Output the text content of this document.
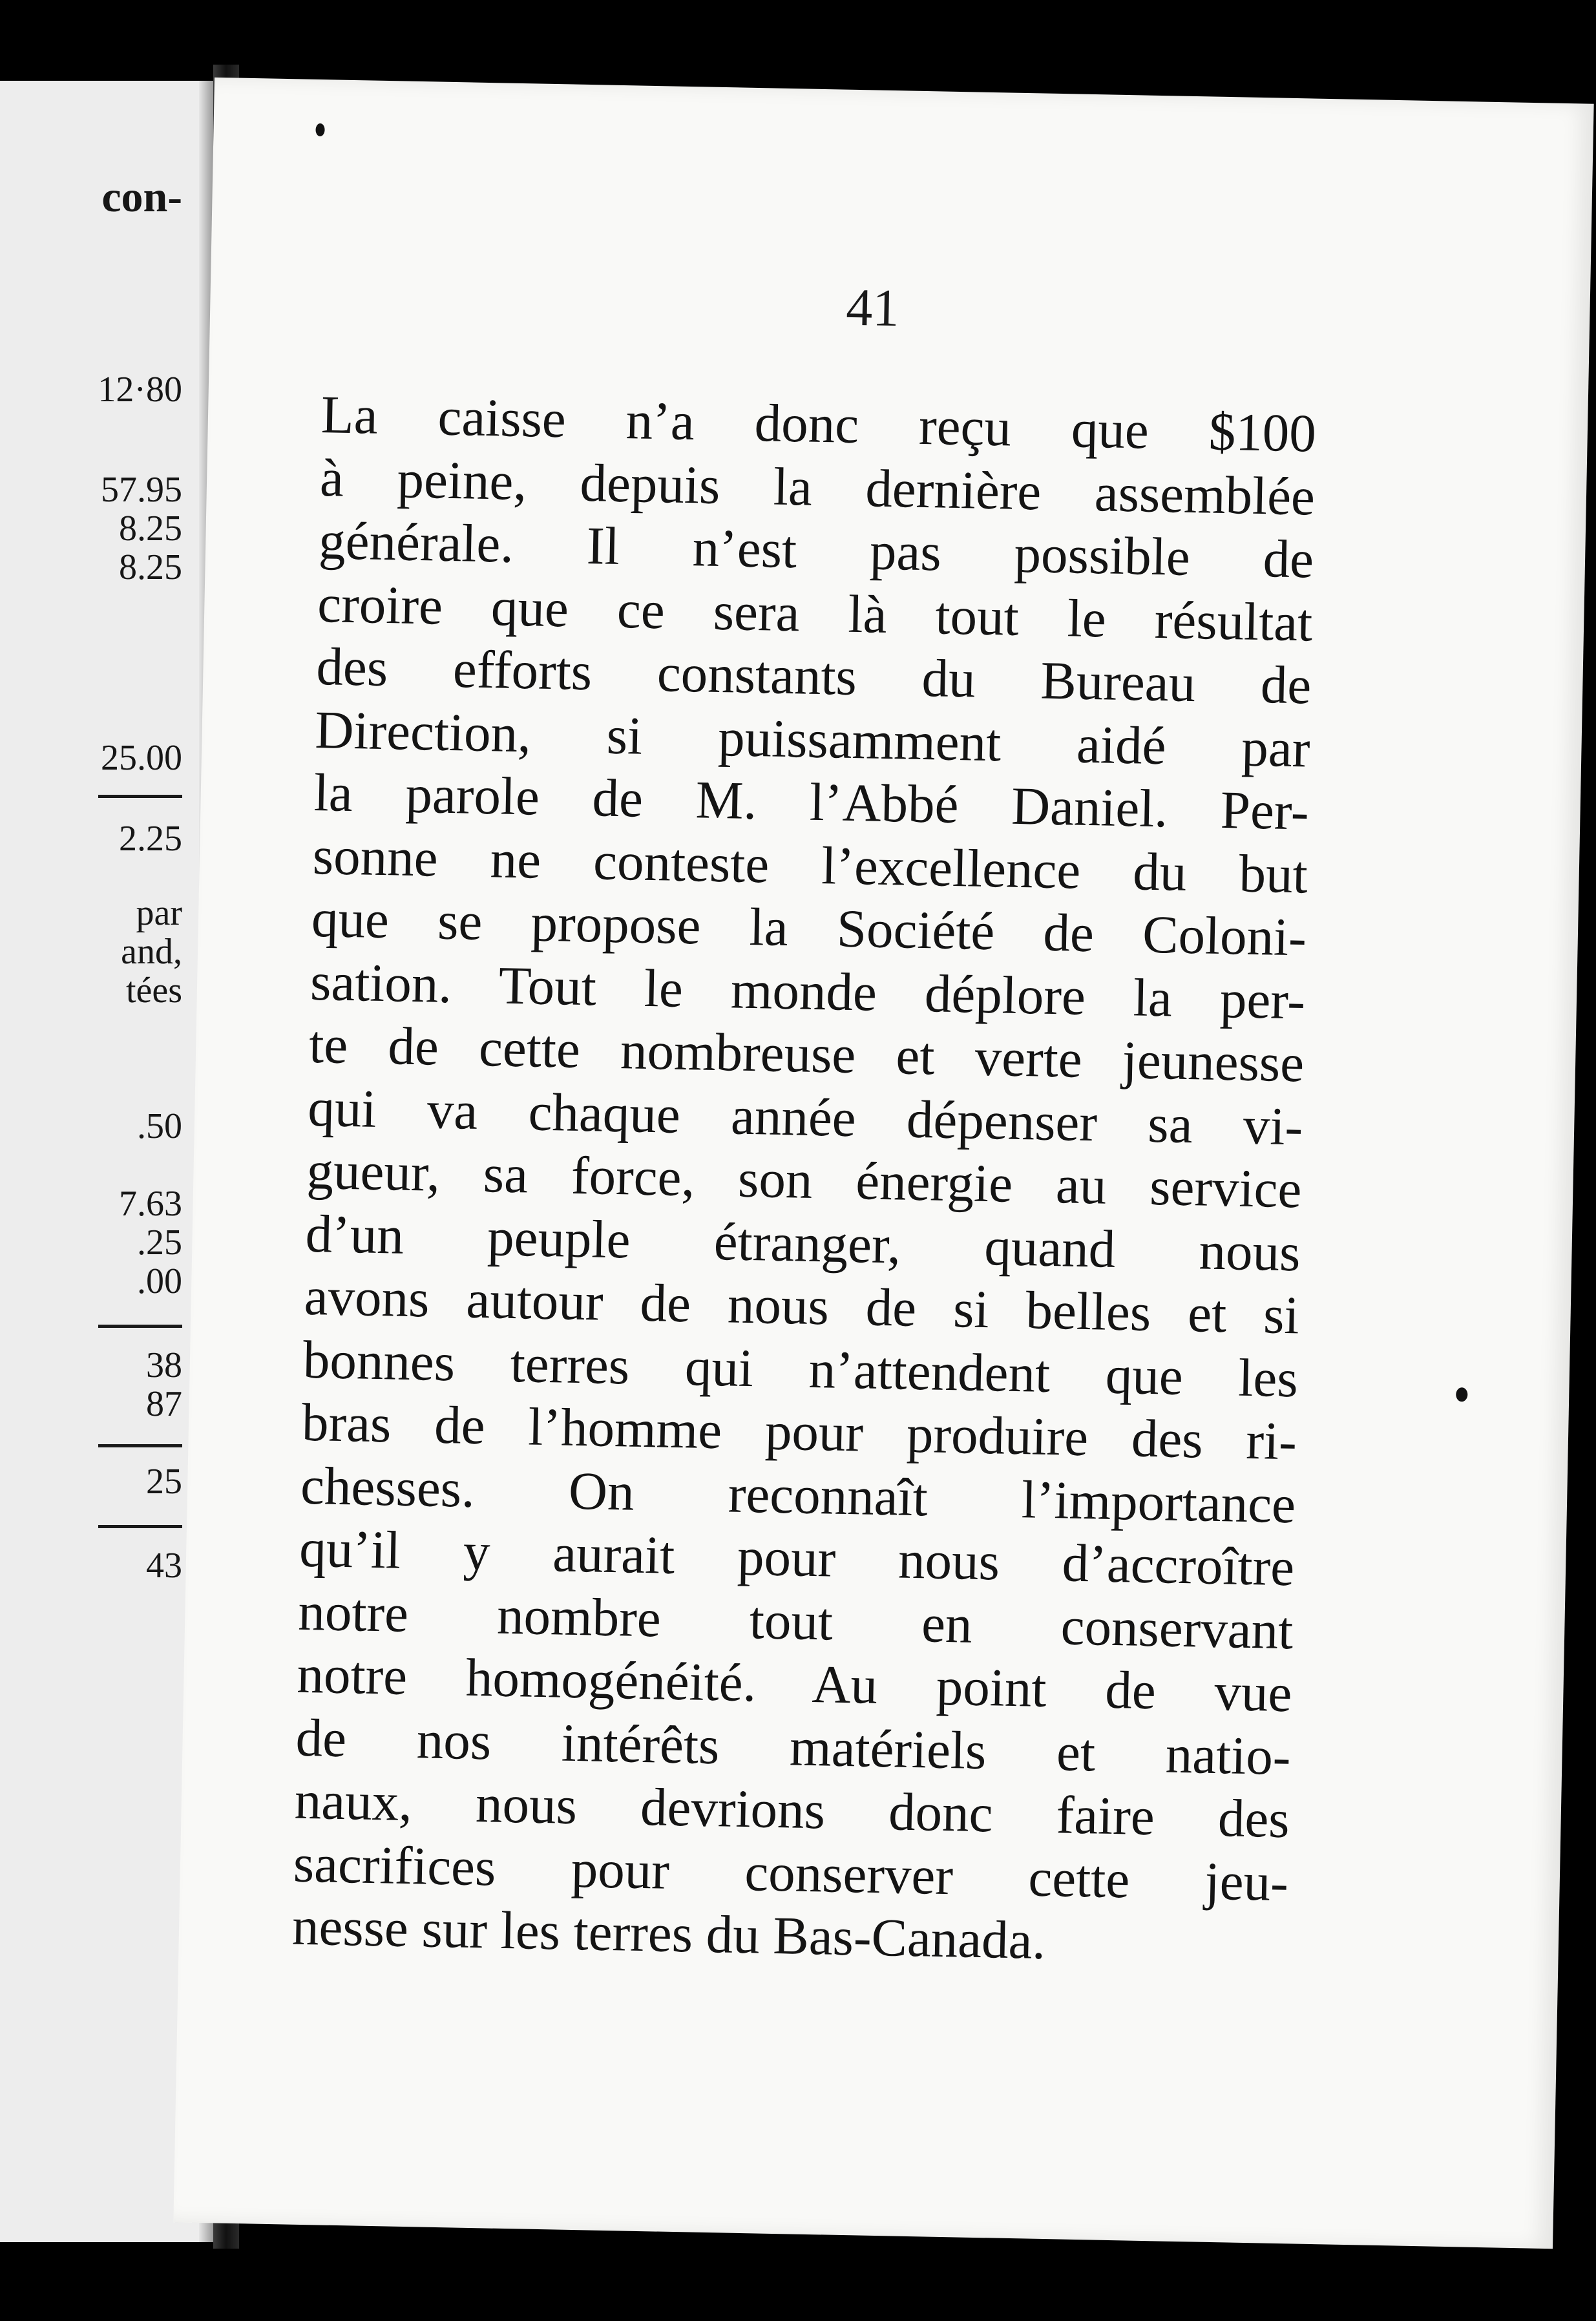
con-
12·80
57.95
8.25
8.25
25.00
2.25
par
and,
tées
.50
7.63
.25
.00
38
87
25
43
41
La caisse n’a donc reçu que $100
à peine, depuis la dernière assemblée
générale. Il n’est pas possible de
croire que ce sera là tout le résultat
des efforts constants du Bureau de
Direction, si puissamment aidé par
la parole de M. l’Abbé Daniel. Per-
sonne ne conteste l’excellence du but
que se propose la Société de Coloni-
sation. Tout le monde déplore la per-
te de cette nombreuse et verte jeunesse
qui va chaque année dépenser sa vi-
gueur, sa force, son énergie au service
d’un peuple étranger, quand nous
avons autour de nous de si belles et si
bonnes terres qui n’attendent que les
bras de l’homme pour produire des ri-
chesses. On reconnaît l’importance
qu’il y aurait pour nous d’accroître
notre nombre tout en conservant
notre homogénéité. Au point de vue
de nos intérêts matériels et natio-
naux, nous devrions donc faire des
sacrifices pour conserver cette jeu-
nesse sur les terres du Bas-Canada.
